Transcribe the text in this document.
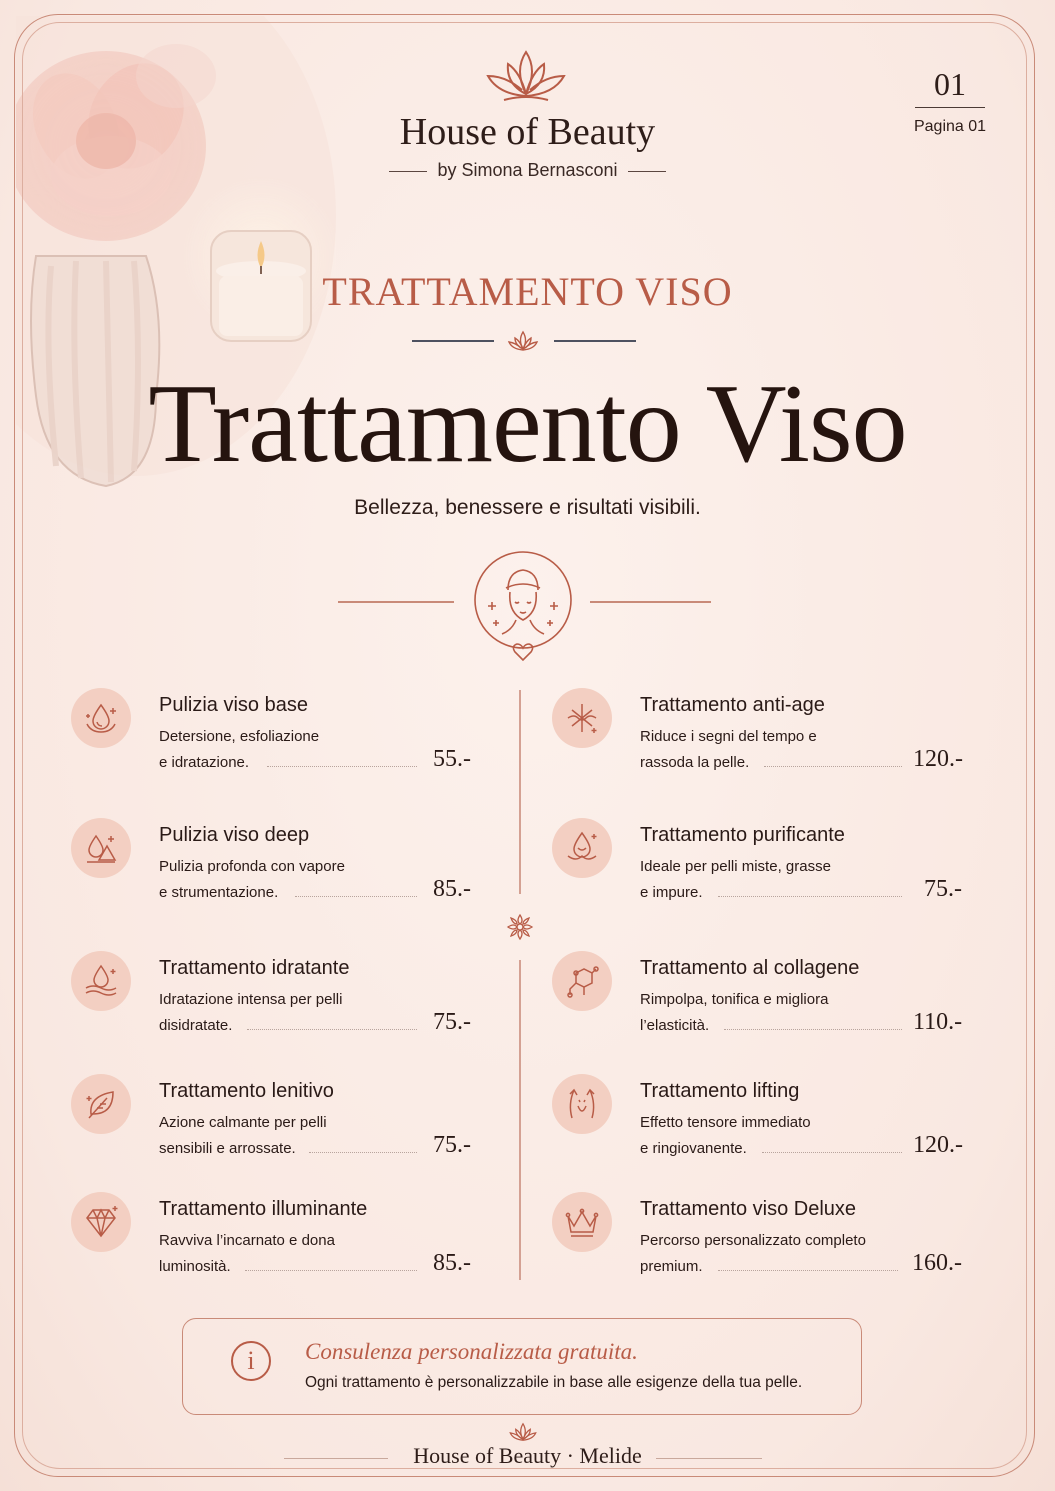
House of Beauty
by Simona Bernasconi
01
Pagina 01
TRATTAMENTO VISO
Trattamento Viso
Bellezza, benessere e risultati visibili.
Pulizia viso base
Detersione, esfoliazione
e idratazione.	55.-
Pulizia viso deep
Pulizia profonda con vapore
e strumentazione.	85.-
Trattamento idratante
Idratazione intensa per pelli
disidratate.	75.-
Trattamento lenitivo
Azione calmante per pelli
sensibili e arrossate.	75.-
Trattamento illuminante
Ravviva l’incarnato e dona
luminosità.	85.-
Trattamento anti-age
Riduce i segni del tempo e
rassoda la pelle.	120.-
Trattamento purificante
Ideale per pelli miste, grasse
e impure.	75.-
Trattamento al collagene
Rimpolpa, tonifica e migliora
l’elasticità.	110.-
Trattamento lifting
Effetto tensore immediato
e ringiovanente.	120.-
Trattamento viso Deluxe
Percorso personalizzato completo
premium.	160.-
i	Consulenza personalizzata gratuita.
Ogni trattamento è personalizzabile in base alle esigenze della tua pelle.
House of Beauty · Melide
